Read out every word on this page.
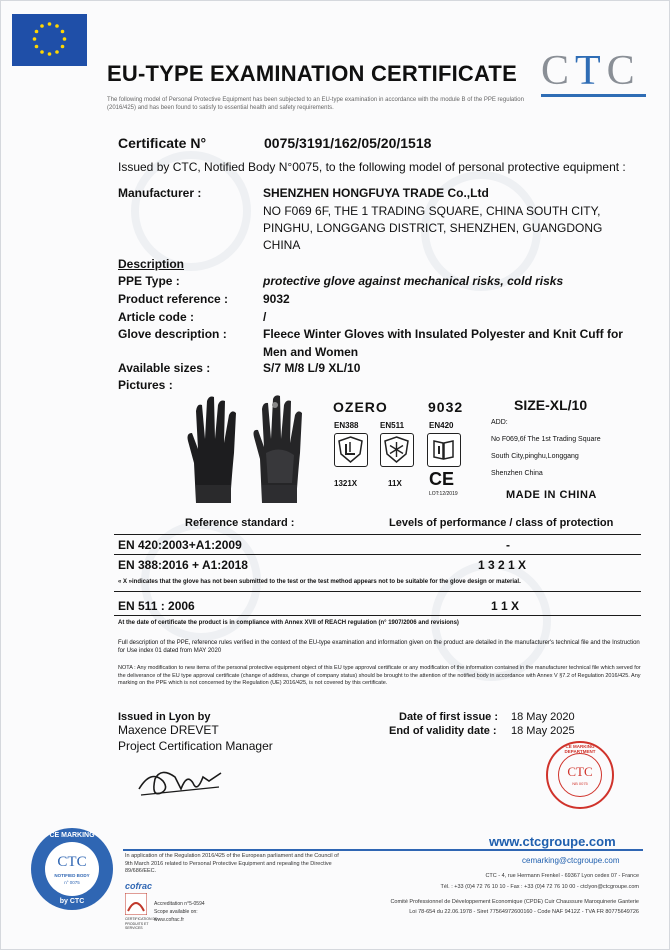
EU-TYPE EXAMINATION CERTIFICATE CTC
The following model of Personal Protective Equipment has been subjected to an EU-type examination in accordance with the module B of the PPE regulation (2016/425) and has been found to satisfy to essential health and safety requirements.
Certificate N°	0075/3191/162/05/20/1518
Issued by CTC, Notified Body N°0075, to the following model of personal protective equipment :
Manufacturer :	SHENZHEN HONGFUYA TRADE Co.,Ltd
NO F069 6F, THE 1 TRADING SQUARE, CHINA SOUTH CITY,
PINGHU, LONGGANG DISTRICT, SHENZHEN, GUANGDONG
CHINA
Description
PPE Type :	protective glove against mechanical risks, cold risks
Product reference :	9032
Article code :	/
Glove description :	Fleece Winter Gloves with Insulated Polyester and Knit Cuff for
Men and Women
Available sizes :	S/7 M/8 L/9 XL/10
Pictures :
OZERO	9032	SIZE-XL/10
EN388	EN511	EN420
1321X	11X CE
LOT:12/2019
ADD:
No F069,6f The 1st Trading Square
South City,pinghu,Longgang
Shenzhen China
MADE IN CHINA
Reference standard :	Levels of performance / class of protection
EN 420:2003+A1:2009	-
EN 388:2016 + A1:2018	1 3 2 1 X
« X »indicates that the glove has not been submitted to the test or the test method appears not to be suitable for the glove design or material.
EN 511 : 2006	1 1 X
At the date of certificate the product is in compliance with Annex XVII of REACH regulation (n° 1907/2006 and revisions)
Full description of the PPE, reference rules verified in the context of the EU-type examination and information given on the product are detailed in the manufacturer's technical file and the Instruction for Use index 01 dated from MAY 2020
NOTA : Any modification to new items of the personal protective equipment object of this EU type approval certificate or any modification of the information contained in the manufacturer technical file which served for the deliverance of the EU type approval certificate (change of address, change of company status) should be brought to the attention of the notified body in accordance with Annex V §7.2 of Regulation 2016/425. Any marking on the PPE which is not concerned by the Regulation (UE) 2016/425, is not covered by this certificate.
Issued in Lyon by
Maxence DREVET
Project Certification Manager
Date of first issue : 18 May 2020
End of validity date : 18 May 2025
CTC
NB 0075
CE MARKING DEPARTMENT
CE MARKING
CTC
NOTIFIED BODY
n° 0075
by CTC
In application of the Regulation 2016/425 of the European parliament and the Council of 9th March 2016 related to Personal Protective Equipment and repealing the Directive 89/686/EEC.
cofrac
CERTIFICATION DE PRODUITS ET SERVICES
Accreditation n°5-0594
Scope available on:
www.cofrac.fr
www.ctcgroupe.com
cemarking@ctcgroupe.com
CTC - 4, rue Hermann Frenkel - 69367 Lyon cedex 07 - France
Tél. : +33 (0)4 72 76 10 10 - Fax : +33 (0)4 72 76 10 00 - ctclyon@ctcgroupe.com
Comité Professionnel de Développement Economique (CPDE) Cuir Chaussure Maroquinerie Ganterie
Loi 78-654 du 22.06.1978 - Siret 77564972600160 - Code NAF 9412Z - TVA FR 80775649726
